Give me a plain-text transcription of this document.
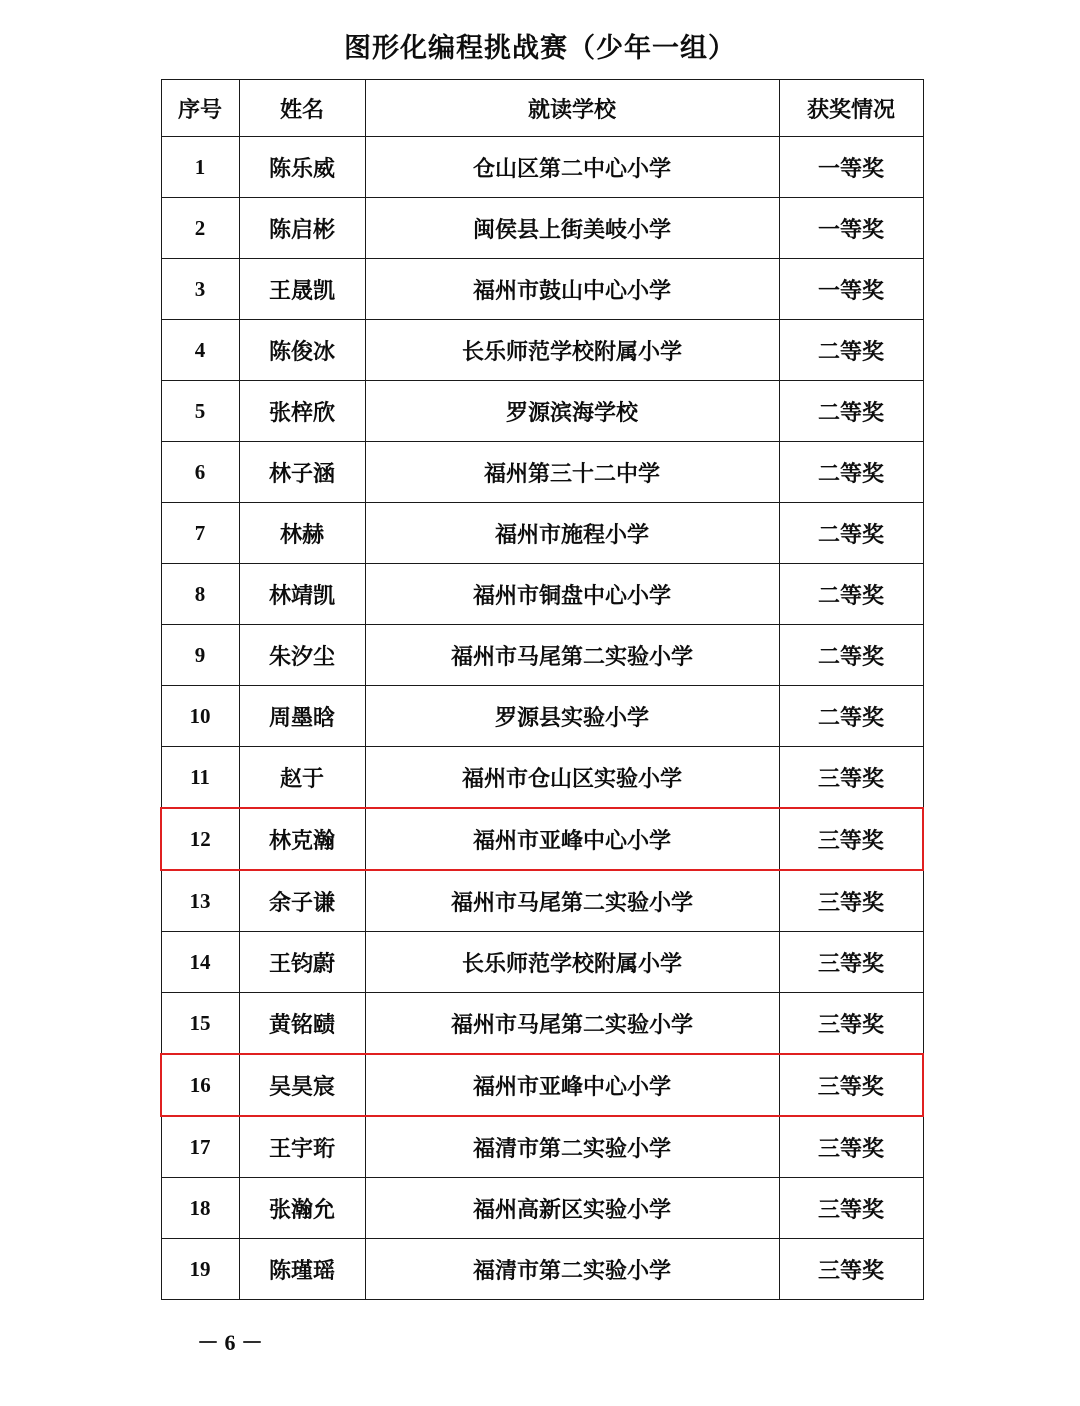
图形化编程挑战赛（少年一组）
序号	姓名	就读学校	获奖情况
1	陈乐威	仓山区第二中心小学	一等奖
2	陈启彬	闽侯县上街美岐小学	一等奖
3	王晟凯	福州市鼓山中心小学	一等奖
4	陈俊冰	长乐师范学校附属小学	二等奖
5	张梓欣	罗源滨海学校	二等奖
6	林子涵	福州第三十二中学	二等奖
7	林赫	福州市施程小学	二等奖
8	林靖凯	福州市铜盘中心小学	二等奖
9	朱汐尘	福州市马尾第二实验小学	二等奖
10	周墨晗	罗源县实验小学	二等奖
11	赵于	福州市仓山区实验小学	三等奖
12	林克瀚	福州市亚峰中心小学	三等奖
13	余子谦	福州市马尾第二实验小学	三等奖
14	王钧蔚	长乐师范学校附属小学	三等奖
15	黄铭赜	福州市马尾第二实验小学	三等奖
16	吴昊宸	福州市亚峰中心小学	三等奖
17	王宇珩	福清市第二实验小学	三等奖
18	张瀚允	福州高新区实验小学	三等奖
19	陈瑾瑶	福清市第二实验小学	三等奖
－ 6 －
